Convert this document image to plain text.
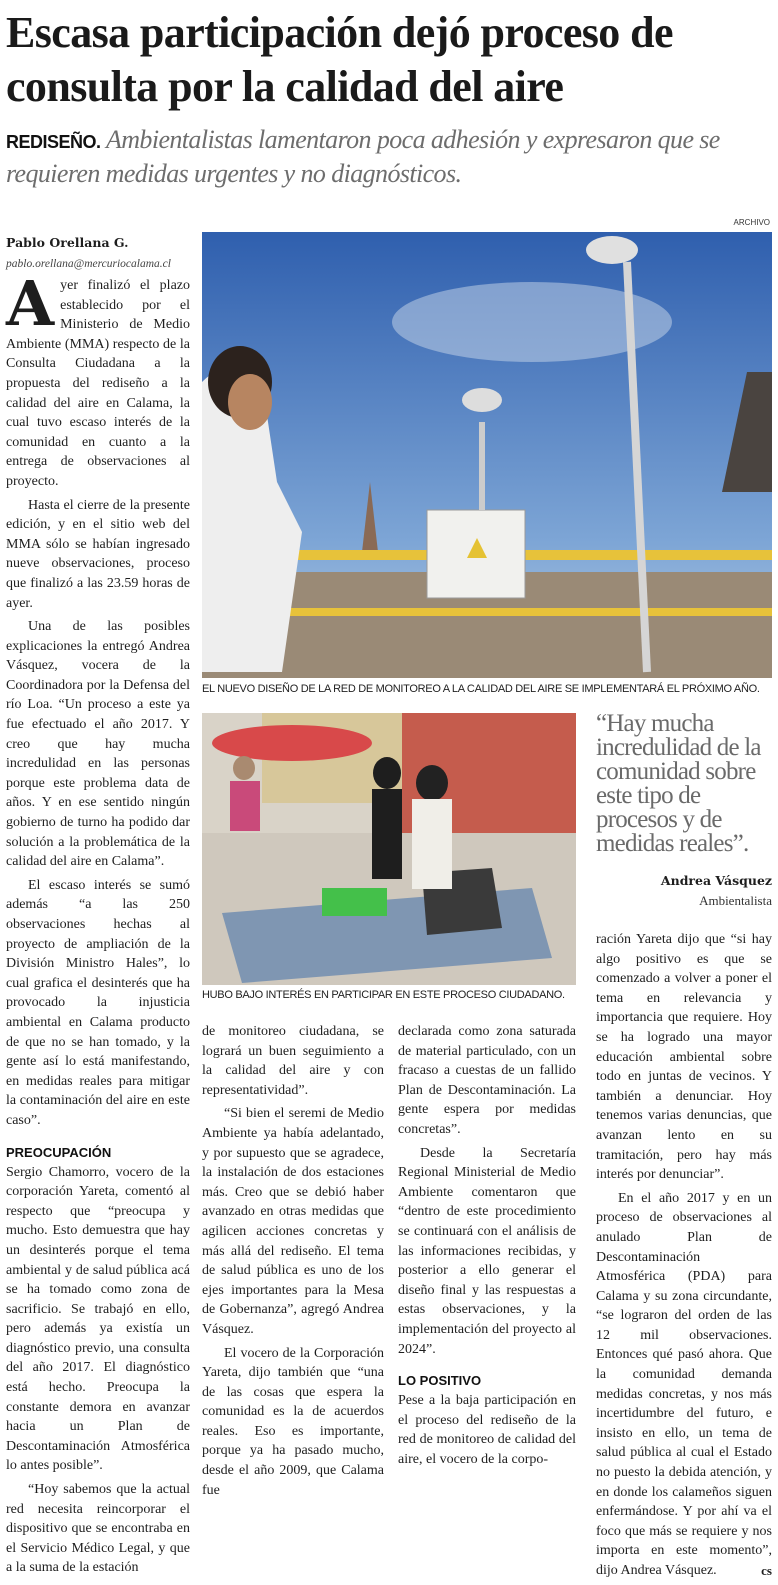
Escasa participación dejó proceso de consulta por la calidad del aire

REDISEÑO. Ambientalistas lamentaron poca adhesión y expresaron que se requieren medidas urgentes y no diagnósticos.

ARCHIVO

Pablo Orellana G.

pablo.orellana@mercuriocalama.cl

Ayer finalizó el plazo establecido por el Ministerio de Medio Ambiente (MMA) respecto de la Consulta Ciudadana a la propuesta del rediseño a la calidad del aire en Calama, la cual tuvo escaso interés de la comunidad en cuanto a la entrega de observaciones al proyecto.

Hasta el cierre de la presente edición, y en el sitio web del MMA sólo se habían ingresado nueve observaciones, proceso que finalizó a las 23.59 horas de ayer.

Una de las posibles explicaciones la entregó Andrea Vásquez, vocera de la Coordinadora por la Defensa del río Loa. “Un proceso a este ya fue efectuado el año 2017. Y creo que hay mucha incredulidad en las personas porque este problema data de años. Y en ese sentido ningún gobierno de turno ha podido dar solución a la problemática de la calidad del aire en Calama”.

El escaso interés se sumó además “a las 250 observaciones hechas al proyecto de ampliación de la División Ministro Hales”, lo cual grafica el desinterés que ha provocado la injusticia ambiental en Calama producto de que no se han tomado, y la gente así lo está manifestando, en medidas reales para mitigar la contaminación del aire en este caso”.

PREOCUPACIÓN

Sergio Chamorro, vocero de la corporación Yareta, comentó al respecto que “preocupa y mucho. Esto demuestra que hay un desinterés porque el tema ambiental y de salud pública acá se ha tomado como zona de sacrificio. Se trabajó en ello, pero además ya existía un diagnóstico previo, una consulta del año 2017. El diagnóstico está hecho. Preocupa la constante demora en avanzar hacia un Plan de Descontaminación Atmosférica lo antes posible”.

“Hoy sabemos que la actual red necesita reincorporar el dispositivo que se encontraba en el Servicio Médico Legal, y que a la suma de la estación

EL NUEVO DISEÑO DE LA RED DE MONITOREO A LA CALIDAD DEL AIRE SE IMPLEMENTARÁ EL PRÓXIMO AÑO.
HUBO BAJO INTERÉS EN PARTICIPAR EN ESTE PROCESO CIUDADANO.

“Hay mucha incredulidad de la comunidad sobre este tipo de procesos y de medidas reales”.

Andrea Vásquez

Ambientalista

ración Yareta dijo que “si hay algo positivo es que se comenzado a volver a poner el tema en relevancia y importancia que requiere. Hoy se ha logrado una mayor educación ambiental sobre todo en juntas de vecinos. Y también a denunciar. Hoy tenemos varias denuncias, que avanzan lento en su tramitación, pero hay más interés por denunciar”.

En el año 2017 y en un proceso de observaciones al anulado Plan de Descontaminación Atmosférica (PDA) para Calama y su zona circundante, “se lograron del orden de las 12 mil observaciones. Entonces qué pasó ahora. Que la comunidad demanda medidas concretas, y nos más incertidumbre del futuro, e insisto en ello, un tema de salud pública al cual el Estado no puesto la debida atención, y en donde los calameños siguen enfermándose. Y por ahí va el foco que más se requiere y nos importa en este momento”, dijo Andrea Vásquez.	cs

de monitoreo ciudadana, se logrará un buen seguimiento a la calidad del aire y con representatividad”.

“Si bien el seremi de Medio Ambiente ya había adelantado, y por supuesto que se agradece, la instalación de dos estaciones más. Creo que se debió haber avanzado en otras medidas que agilicen acciones concretas y más allá del rediseño. El tema de salud pública es uno de los ejes importantes para la Mesa de Gobernanza”, agregó Andrea Vásquez.

El vocero de la Corporación Yareta, dijo también que “una de las cosas que espera la comunidad es la de acuerdos reales. Eso es importante, porque ya ha pasado mucho, desde el año 2009, que Calama fue

declarada como zona saturada de material particulado, con un fracaso a cuestas de un fallido Plan de Descontaminación. La gente espera por medidas concretas”.

Desde la Secretaría Regional Ministerial de Medio Ambiente comentaron que “dentro de este procedimiento se continuará con el análisis de las informaciones recibidas, y posterior a ello generar el diseño final y las respuestas a estas observaciones, y la implementación del proyecto al 2024”.

LO POSITIVO

Pese a la baja participación en el proceso del rediseño de la red de monitoreo de calidad del aire, el vocero de la corpo-
